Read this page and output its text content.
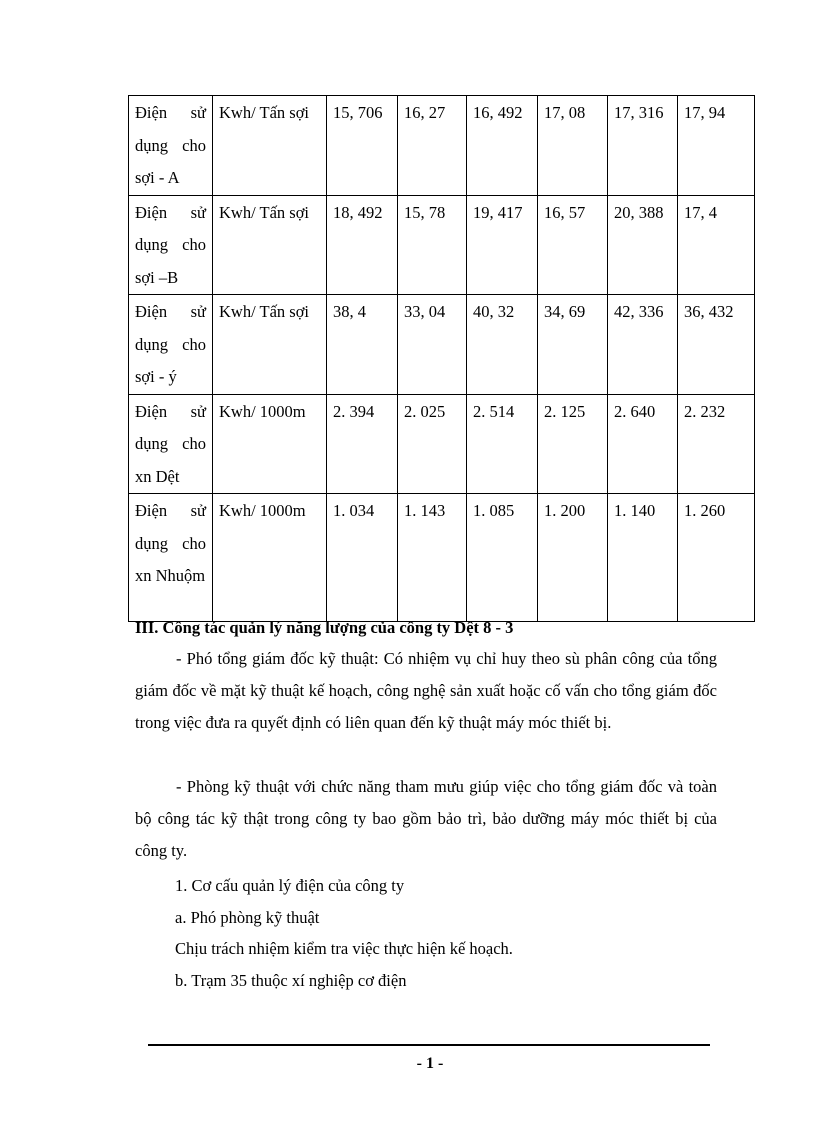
Điện sử dụng cho sợi - A	Kwh/ Tấn sợi	15, 706	16, 27	16, 492	17, 08	17, 316	17, 94
Điện sử dụng cho sợi –B	Kwh/ Tấn sợi	18, 492	15, 78	19, 417	16, 57	20, 388	17, 4
Điện sử dụng cho sợi - ý	Kwh/ Tấn sợi	38, 4	33, 04	40, 32	34, 69	42, 336	36, 432
Điện sử dụng cho xn Dệt	Kwh/ 1000m	2. 394	2. 025	2. 514	2. 125	2. 640	2. 232
Điện sử dụng cho xn Nhuộm	Kwh/ 1000m	1. 034	1. 143	1. 085	1. 200	1. 140	1. 260
III. Công tác quản lý năng lượng của công ty Dệt 8 - 3

- Phó tổng giám đốc kỹ thuật: Có nhiệm vụ chỉ huy theo sù phân công của tổng giám đốc về mặt kỹ thuật kế hoạch, công nghệ sản xuất hoặc cố vấn cho tổng giám đốc trong việc đưa ra quyết định có liên quan đến kỹ thuật máy móc thiết bị.

- Phòng kỹ thuật với chức năng tham mưu giúp việc cho tổng giám đốc và toàn bộ công tác kỹ thật trong công ty bao gồm bảo trì, bảo dưỡng máy móc thiết bị của công ty.

1. Cơ cấu quản lý điện của công ty
a. Phó phòng kỹ thuật
Chịu trách nhiệm kiểm tra việc thực hiện kế hoạch.
b. Trạm 35 thuộc xí nghiệp cơ điện
- 1 -
